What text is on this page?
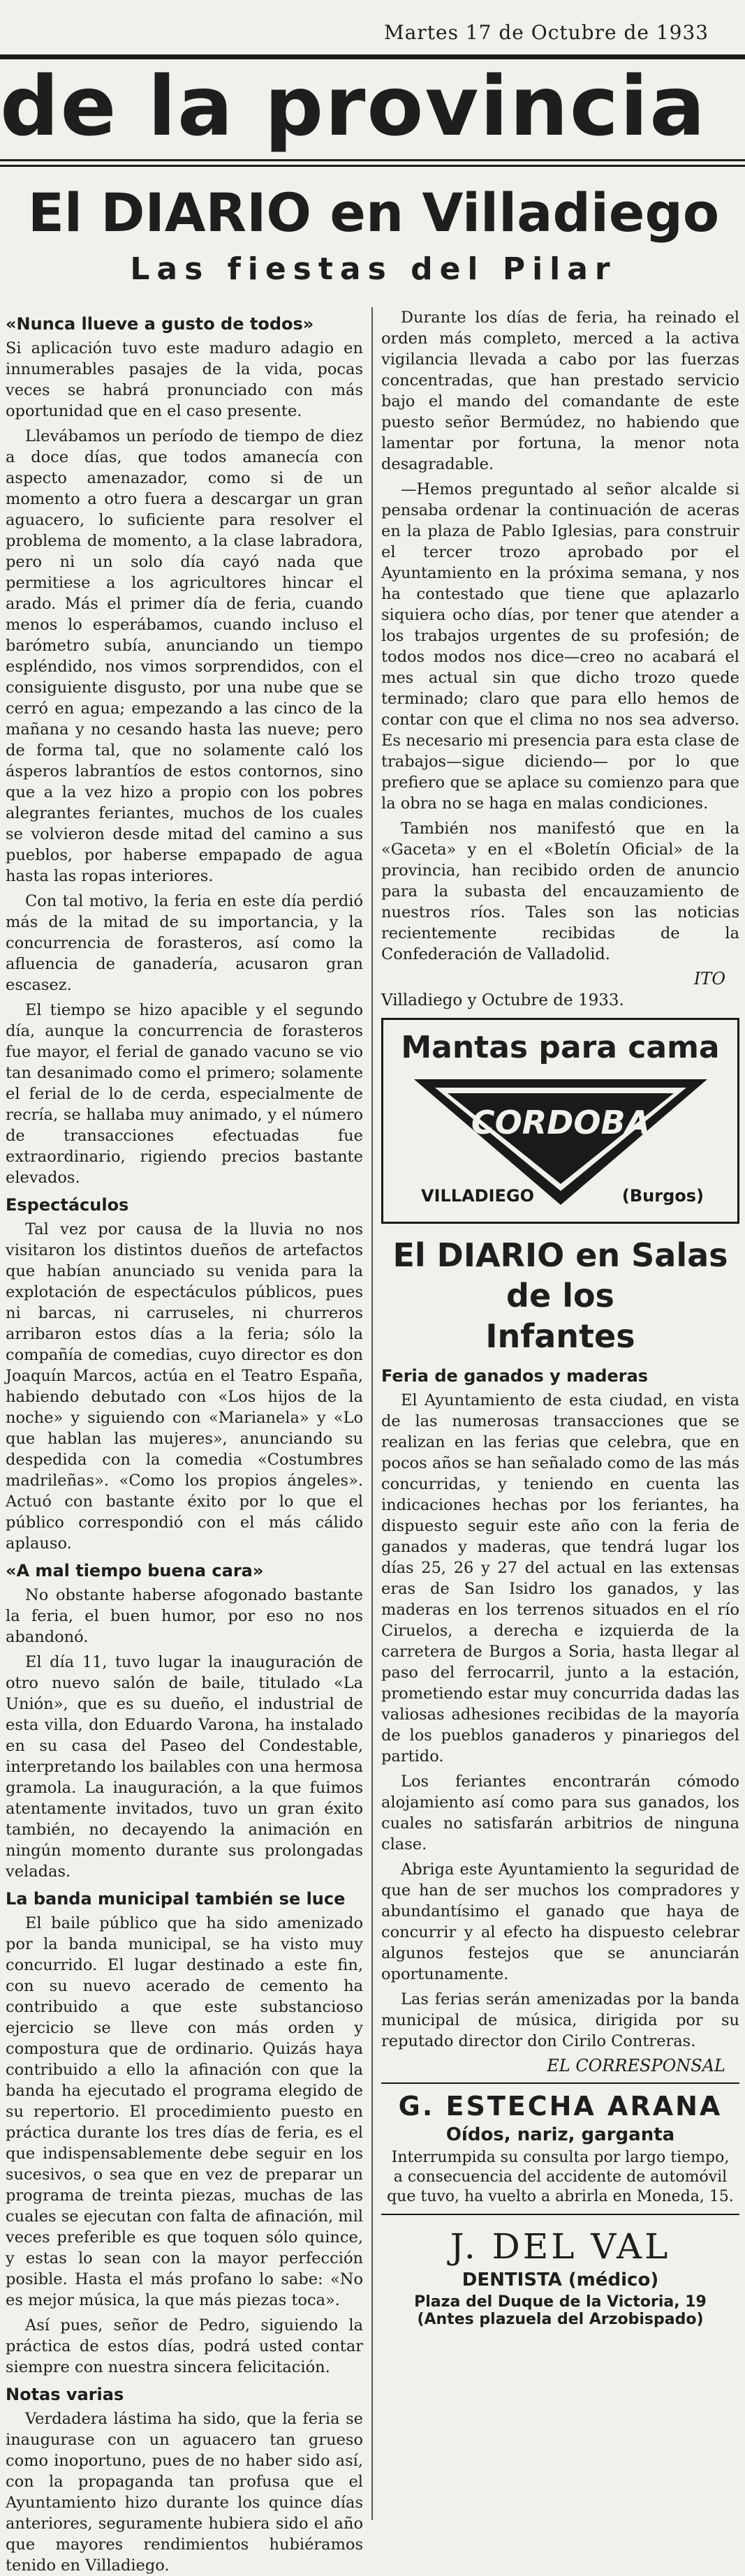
Martes 17 de Octubre de 1933
de la provincia
El DIARIO en Villadiego
Las fiestas del Pilar
«Nunca llueve a gusto de todos»

Si aplicación tuvo este maduro adagio en innumerables pasajes de la vida, pocas veces se habrá pronunciado con más oportunidad que en el caso presente.

Llevábamos un período de tiempo de diez a doce días, que todos amanecía con aspecto amenazador, como si de un momento a otro fuera a descargar un gran aguacero, lo suficiente para resolver el problema de momento, a la clase labradora, pero ni un solo día cayó nada que permitiese a los agricultores hincar el arado. Más el primer día de feria, cuando menos lo esperábamos, cuando incluso el barómetro subía, anunciando un tiempo espléndido, nos vimos sorprendidos, con el consiguiente disgusto, por una nube que se cerró en agua; empezando a las cinco de la mañana y no cesando hasta las nueve; pero de forma tal, que no solamente caló los ásperos labrantíos de estos contornos, sino que a la vez hizo a propio con los pobres alegrantes feriantes, muchos de los cuales se volvieron desde mitad del camino a sus pueblos, por haberse empapado de agua hasta las ropas interiores.

Con tal motivo, la feria en este día perdió más de la mitad de su importancia, y la concurrencia de forasteros, así como la afluencia de ganadería, acusaron gran escasez.

El tiempo se hizo apacible y el segundo día, aunque la concurrencia de forasteros fue mayor, el ferial de ganado vacuno se vio tan desanimado como el primero; solamente el ferial de lo de cerda, especialmente de recría, se hallaba muy animado, y el número de transacciones efectuadas fue extraordinario, rigiendo precios bastante elevados.

Espectáculos

Tal vez por causa de la lluvia no nos visitaron los distintos dueños de artefactos que habían anunciado su venida para la explotación de espectáculos públicos, pues ni barcas, ni carruseles, ni churreros arribaron estos días a la feria; sólo la compañía de comedias, cuyo director es don Joaquín Marcos, actúa en el Teatro España, habiendo debutado con «Los hijos de la noche» y siguiendo con «Marianela» y «Lo que hablan las mujeres», anunciando su despedida con la comedia «Costumbres madrileñas». «Como los propios ángeles». Actuó con bastante éxito por lo que el público correspondió con el más cálido aplauso.

«A mal tiempo buena cara»

No obstante haberse afogonado bastante la feria, el buen humor, por eso no nos abandonó.

El día 11, tuvo lugar la inauguración de otro nuevo salón de baile, titulado «La Unión», que es su dueño, el industrial de esta villa, don Eduardo Varona, ha instalado en su casa del Paseo del Condestable, interpretando los bailables con una hermosa gramola. La inauguración, a la que fuimos atentamente invitados, tuvo un gran éxito también, no decayendo la animación en ningún momento durante sus prolongadas veladas.

La banda municipal también se luce

El baile público que ha sido amenizado por la banda municipal, se ha visto muy concurrido. El lugar destinado a este fin, con su nuevo acerado de cemento ha contribuido a que este substancioso ejercicio se lleve con más orden y compostura que de ordinario. Quizás haya contribuido a ello la afinación con que la banda ha ejecutado el programa elegido de su repertorio. El procedimiento puesto en práctica durante los tres días de feria, es el que indispensablemente debe seguir en los sucesivos, o sea que en vez de preparar un programa de treinta piezas, muchas de las cuales se ejecutan con falta de afinación, mil veces preferible es que toquen sólo quince, y estas lo sean con la mayor perfección posible. Hasta el más profano lo sabe: «No es mejor música, la que más piezas toca».

Así pues, señor de Pedro, siguiendo la práctica de estos días, podrá usted contar siempre con nuestra sincera felicitación.

Notas varias

Verdadera lástima ha sido, que la feria se inaugurase con un aguacero tan grueso como inoportuno, pues de no haber sido así, con la propaganda tan profusa que el Ayuntamiento hizo durante los quince días anteriores, seguramente hubiera sido el año que mayores rendimientos hubiéramos tenido en Villadiego.

Durante los días de feria, ha reinado el orden más completo, merced a la activa vigilancia llevada a cabo por las fuerzas concentradas, que han prestado servicio bajo el mando del comandante de este puesto señor Bermúdez, no habiendo que lamentar por fortuna, la menor nota desagradable.

—Hemos preguntado al señor alcalde si pensaba ordenar la continuación de aceras en la plaza de Pablo Iglesias, para construir el tercer trozo aprobado por el Ayuntamiento en la próxima semana, y nos ha contestado que tiene que aplazarlo siquiera ocho días, por tener que atender a los trabajos urgentes de su profesión; de todos modos nos dice—creo no acabará el mes actual sin que dicho trozo quede terminado; claro que para ello hemos de contar con que el clima no nos sea adverso. Es necesario mi presencia para esta clase de trabajos—sigue diciendo— por lo que prefiero que se aplace su comienzo para que la obra no se haga en malas condiciones.

También nos manifestó que en la «Gaceta» y en el «Boletín Oficial» de la provincia, han recibido orden de anuncio para la subasta del encauzamiento de nuestros ríos. Tales son las noticias recientemente recibidas de la Confederación de Valladolid.

ITO
Villadiego y Octubre de 1933.
Mantas para cama
CORDOBA
VILLADIEGO	(Burgos)
El DIARIO en Salas de los
Infantes
Feria de ganados y maderas

El Ayuntamiento de esta ciudad, en vista de las numerosas transacciones que se realizan en las ferias que celebra, que en pocos años se han señalado como de las más concurridas, y teniendo en cuenta las indicaciones hechas por los feriantes, ha dispuesto seguir este año con la feria de ganados y maderas, que tendrá lugar los días 25, 26 y 27 del actual en las extensas eras de San Isidro los ganados, y las maderas en los terrenos situados en el río Ciruelos, a derecha e izquierda de la carretera de Burgos a Soria, hasta llegar al paso del ferrocarril, junto a la estación, prometiendo estar muy concurrida dadas las valiosas adhesiones recibidas de la mayoría de los pueblos ganaderos y pinariegos del partido.

Los feriantes encontrarán cómodo alojamiento así como para sus ganados, los cuales no satisfarán arbitrios de ninguna clase.

Abriga este Ayuntamiento la seguridad de que han de ser muchos los compradores y abundantísimo el ganado que haya de concurrir y al efecto ha dispuesto celebrar algunos festejos que se anunciarán oportunamente.

Las ferias serán amenizadas por la banda municipal de música, dirigida por su reputado director don Cirilo Contreras.

EL CORRESPONSAL
G. ESTECHA ARANA
Oídos, nariz, garganta
Interrumpida su consulta por largo tiempo, a consecuencia del accidente de automóvil que tuvo, ha vuelto a abrirla en Moneda, 15.
J. DEL VAL
DENTISTA (médico)
Plaza del Duque de la Victoria, 19
(Antes plazuela del Arzobispado)
